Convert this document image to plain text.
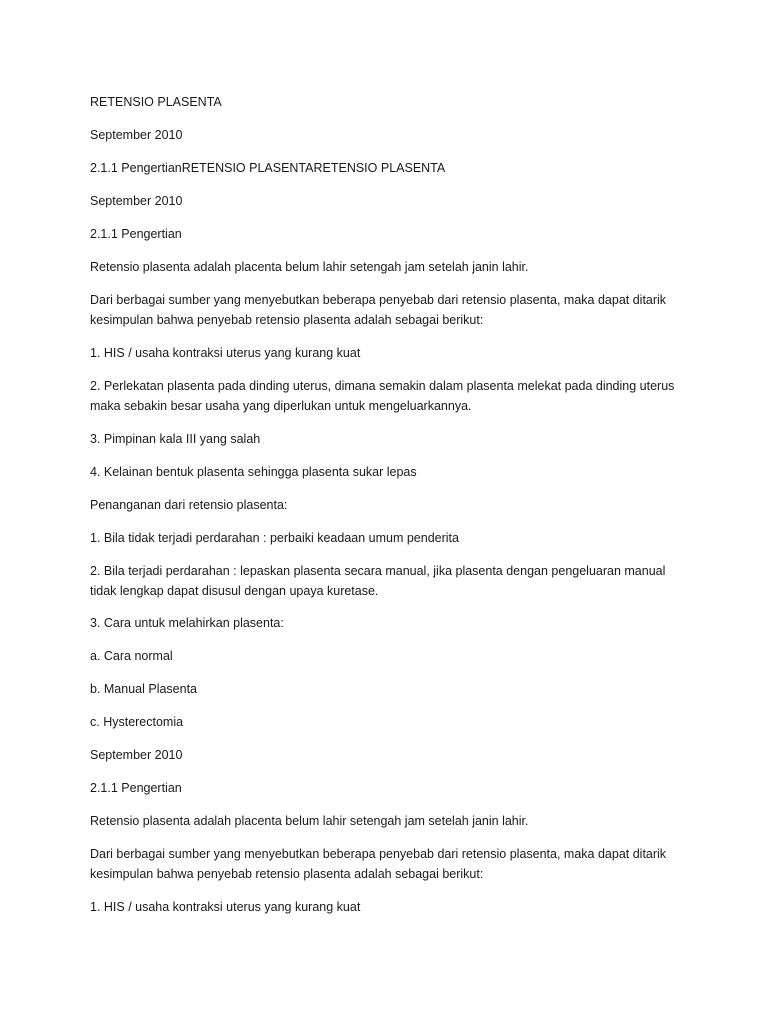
RETENSIO PLASENTA

September 2010

2.1.1 PengertianRETENSIO PLASENTARETENSIO PLASENTA

September 2010

2.1.1 Pengertian

Retensio plasenta adalah placenta belum lahir setengah jam setelah janin lahir.

Dari berbagai sumber yang menyebutkan beberapa penyebab dari retensio plasenta, maka dapat ditarik kesimpulan bahwa penyebab retensio plasenta adalah sebagai berikut:

1. HIS / usaha kontraksi uterus yang kurang kuat

2. Perlekatan plasenta pada dinding uterus, dimana semakin dalam plasenta melekat pada dinding uterus maka sebakin besar usaha yang diperlukan untuk mengeluarkannya.

3. Pimpinan kala III yang salah

4. Kelainan bentuk plasenta sehingga plasenta sukar lepas

Penanganan dari retensio plasenta:

1. Bila tidak terjadi perdarahan : perbaiki keadaan umum penderita

2. Bila terjadi perdarahan : lepaskan plasenta secara manual, jika plasenta dengan pengeluaran manual tidak lengkap dapat disusul dengan upaya kuretase.

3. Cara untuk melahirkan plasenta:

a. Cara normal

b. Manual Plasenta

c. Hysterectomia

September 2010

2.1.1 Pengertian

Retensio plasenta adalah placenta belum lahir setengah jam setelah janin lahir.

Dari berbagai sumber yang menyebutkan beberapa penyebab dari retensio plasenta, maka dapat ditarik kesimpulan bahwa penyebab retensio plasenta adalah sebagai berikut:

1. HIS / usaha kontraksi uterus yang kurang kuat
